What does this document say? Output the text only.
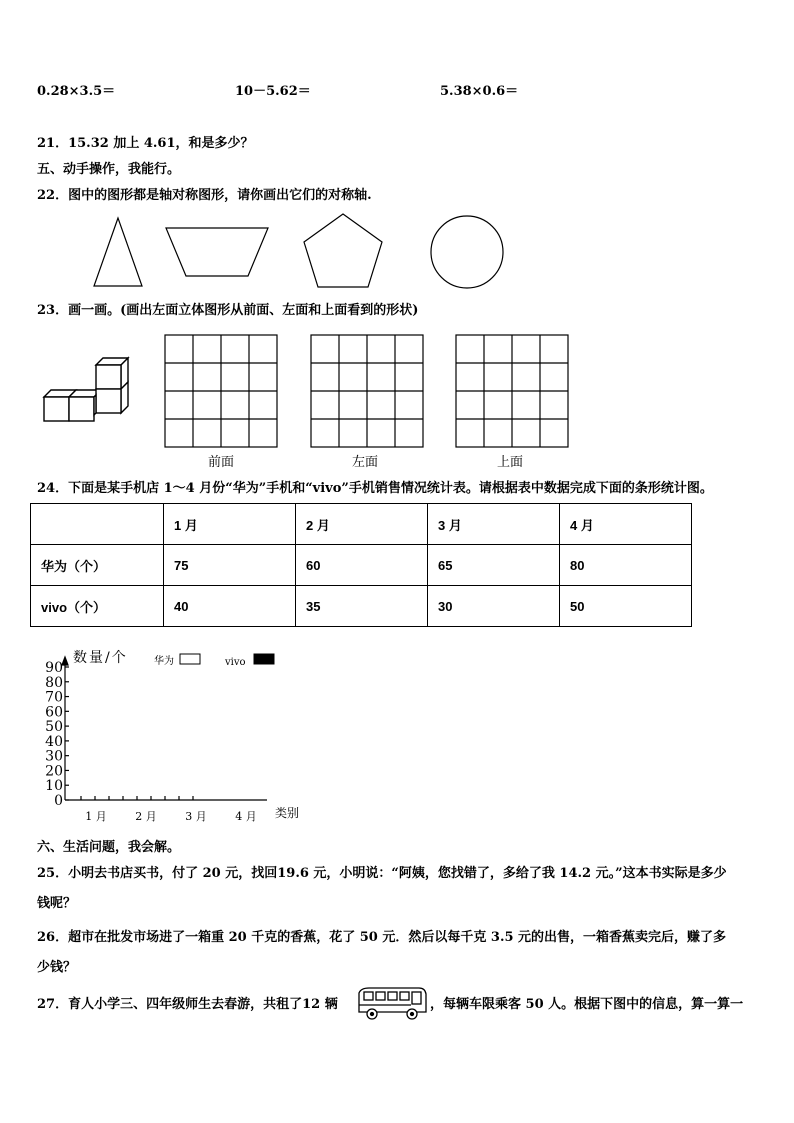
0.28×3.5＝	10－5.62＝	5.38×0.6＝
21．15.32 加上 4.61，和是多少？
五、动手操作，我能行。
22．图中的图形都是轴对称图形，请你画出它们的对称轴.
23．画一画。(画出左面立体图形从前面、左面和上面看到的形状)
前面	左面	上面
24．下面是某手机店 1～4 月份“华为”手机和“vivo”手机销售情况统计表。请根据表中数据完成下面的条形统计图。
	1 月	2 月	3 月	4 月
华为（个）	75	60	65	80
vivo（个）	40	35	30	50
数量/个	华为	vivo
类别
90
80
70
60
50
40
30
20
10
0
1 月	2 月	3 月	4 月
六、生活问题，我会解。
25．小明去书店买书，付了 20 元，找回19.6 元，小明说：“阿姨，您找错了，多给了我 14.2 元。”这本书实际是多少
钱呢？
26．超市在批发市场进了一箱重 20 千克的香蕉，花了 50 元．然后以每千克 3.5 元的出售，一箱香蕉卖完后，赚了多
少钱？
27．育人小学三、四年级师生去春游，共租了12 辆	，每辆车限乘客 50 人。根据下图中的信息，算一算一
